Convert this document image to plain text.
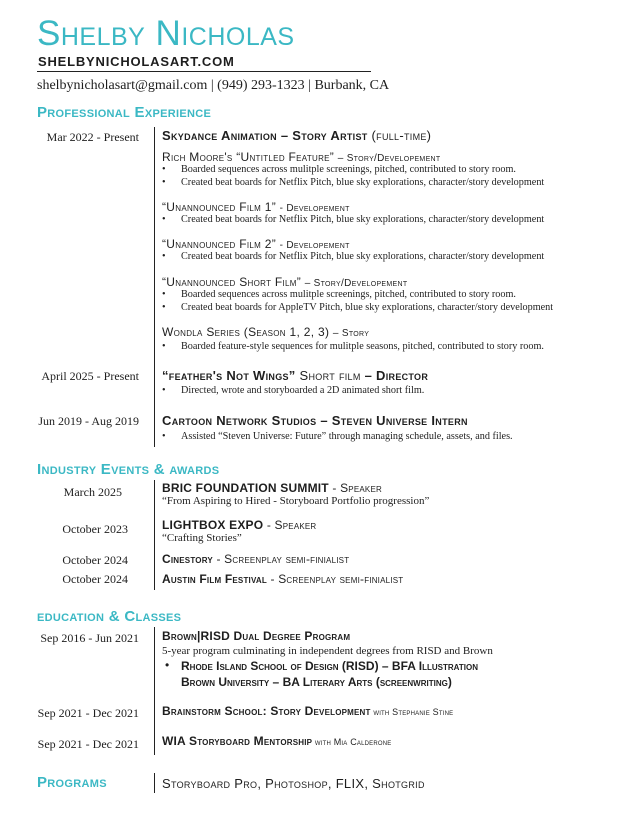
Shelby Nicholas
SHELBYNICHOLASART.COM
shelbynicholasart@gmail.com | (949) 293-1323 | Burbank, CA
Professional Experience
Mar 2022 - Present Skydance Animation – Story Artist (full-time)
Rich Moore's “Untitled Feature” – Story/Developement
• Boarded sequences across mulitple screenings, pitched, contributed to story room.
• Created beat boards for Netflix Pitch, blue sky explorations, character/story development
“Unannounced Film 1” - Developement
• Created beat boards for Netflix Pitch, blue sky explorations, character/story development
“Unannounced Film 2” - Developement
• Created beat boards for Netflix Pitch, blue sky explorations, character/story development
“Unannounced Short Film” – Story/Developement
• Boarded sequences across mulitple screenings, pitched, contributed to story room.
• Created beat boards for AppleTV Pitch, blue sky explorations, character/story development
Wondla Series (Season 1, 2, 3) – Story
• Boarded feature-style sequences for mulitple seasons, pitched, contributed to story room.
April 2025 - Present “feather's Not Wings” Short film – Director
• Directed, wrote and storyboarded a 2D animated short film.
Jun 2019 - Aug 2019 Cartoon Network Studios – Steven Universe Intern
• Assisted “Steven Universe: Future” through managing schedule, assets, and files.
Industry Events & awards
March 2025	BRIC FOUNDATION SUMMIT - Speaker
“From Aspiring to Hired - Storyboard Portfolio progression”
October 2023	LIGHTBOX EXPO - Speaker
“Crafting Stories”
October 2024	Cinestory - Screenplay semi-finialist
October 2024	Austin Film Festival - Screenplay semi-finialist
education & Classes
Sep 2016 - Jun 2021 Brown|RISD Dual Degree Program
5-year program culminating in independent degrees from RISD and Brown
• Rhode Island School of Design (RISD) – BFA Illustration
Brown University – BA Literary Arts (screenwriting)
Sep 2021 - Dec 2021 Brainstorm School: Story Development with Stephanie Stine
Sep 2021 - Dec 2021 WIA Storyboard Mentorship with Mia Calderone
Programs	Storyboard Pro, Photoshop, FLIX, Shotgrid
